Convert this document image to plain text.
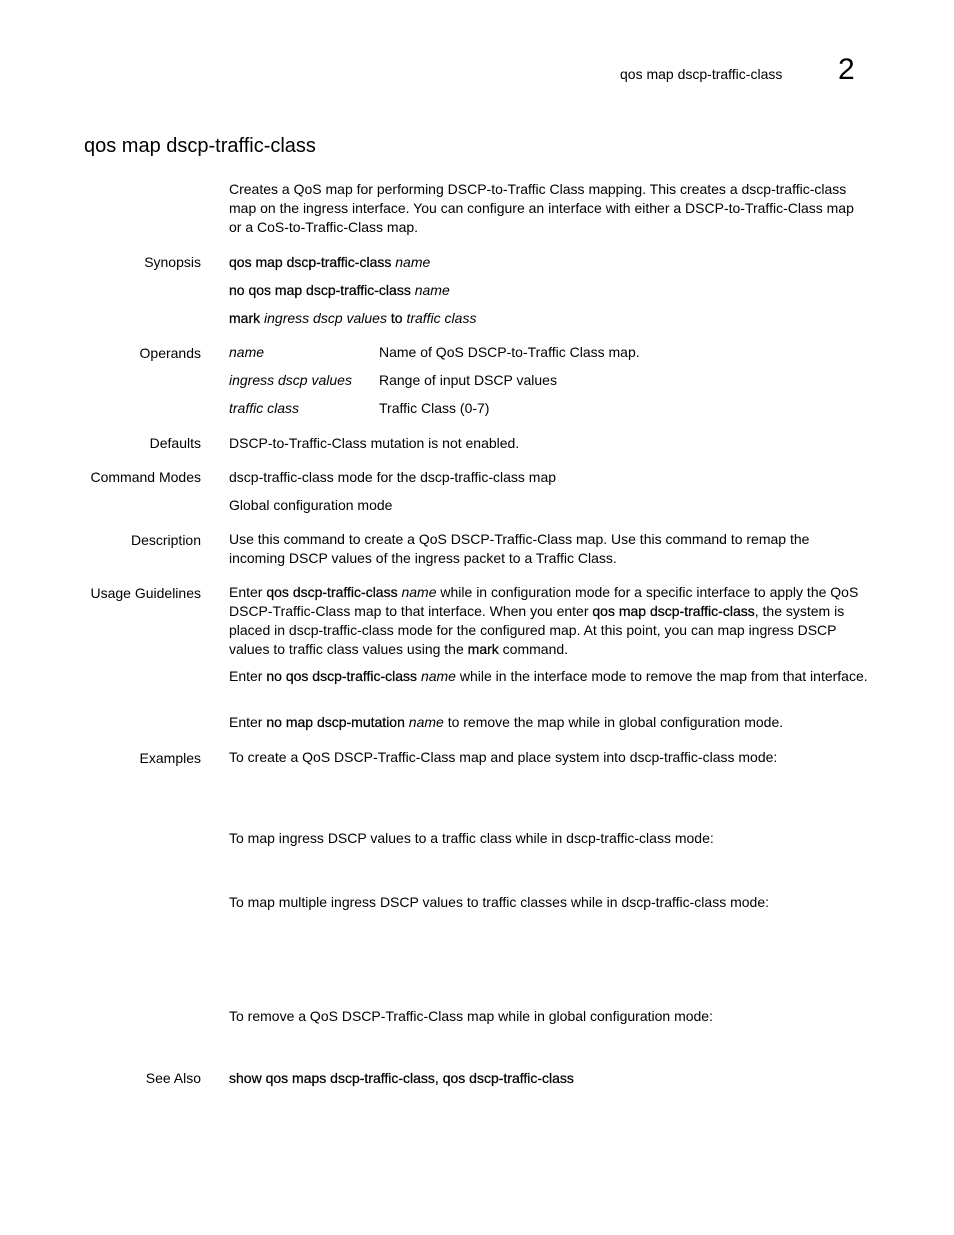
qos map dscp-traffic-class 2
qos map dscp-traffic-class
Creates a QoS map for performing DSCP-to-Traffic Class mapping. This creates a dscp-traffic-class map on the ingress interface. You can configure an interface with either a DSCP-to-Traffic-Class map or a CoS-to-Traffic-Class map.
Synopsis qos map dscp-traffic-class name
no qos map dscp-traffic-class name
mark ingress dscp values to traffic class
Operands name	Name of QoS DSCP-to-Traffic Class map.
ingress dscp values Range of input DSCP values
traffic class	Traffic Class (0-7)
Defaults DSCP-to-Traffic-Class mutation is not enabled.
Command Modes dscp-traffic-class mode for the dscp-traffic-class map
Global configuration mode
Description Use this command to create a QoS DSCP-Traffic-Class map. Use this command to remap the incoming DSCP values of the ingress packet to a Traffic Class.
Usage Guidelines Enter qos dscp-traffic-class name while in configuration mode for a specific interface to apply the QoS DSCP-Traffic-Class map to that interface. When you enter qos map dscp-traffic-class, the system is placed in dscp-traffic-class mode for the configured map. At this point, you can map ingress DSCP values to traffic class values using the mark command.
Enter no qos dscp-traffic-class name while in the interface mode to remove the map from that interface.
Enter no map dscp-mutation name to remove the map while in global configuration mode.
Examples To create a QoS DSCP-Traffic-Class map and place system into dscp-traffic-class mode:
To map ingress DSCP values to a traffic class while in dscp-traffic-class mode:
To map multiple ingress DSCP values to traffic classes while in dscp-traffic-class mode:
To remove a QoS DSCP-Traffic-Class map while in global configuration mode:
See Also show qos maps dscp-traffic-class, qos dscp-traffic-class
